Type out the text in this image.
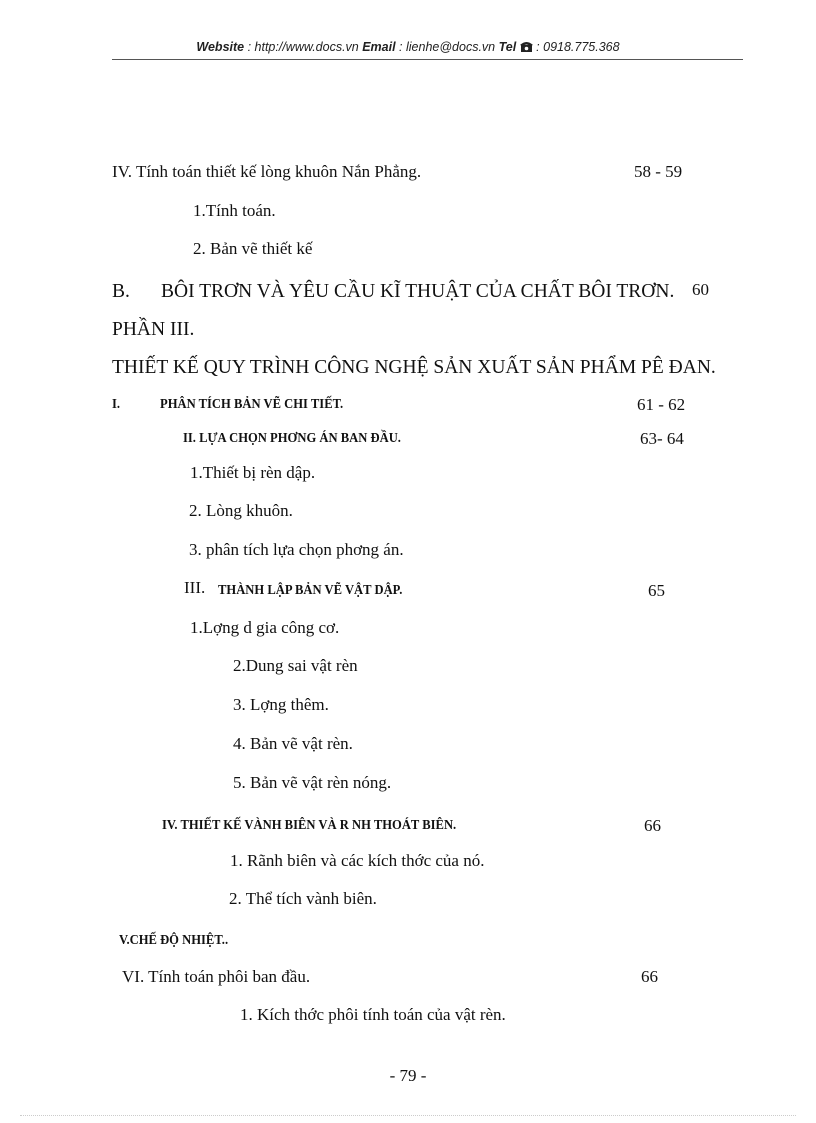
Website : http://www.docs.vn Email : lienhe@docs.vn Tel  : 0918.775.368
IV. Tính toán thiết kế lòng khuôn Nắn Phẳng.	58 - 59
1.Tính toán.
2. Bản vẽ thiết kế
B. BÔI TRƠN VÀ YÊU CẦU KĨ THUẬT CỦA CHẤT BÔI TRƠN. 60
PHẦN III.
THIẾT KẾ QUY TRÌNH CÔNG NGHỆ SẢN XUẤT SẢN PHẨM PÊ ĐAN.
I.	PHÂN TÍCH BẢN VẼ CHI TIẾT.	61 - 62
II. LỰA CHỌN PHƠNG ÁN BAN ĐẦU.	63- 64
1.Thiết bị rèn dập.
2. Lòng khuôn.
3. phân tích lựa chọn phơng án.
III. THÀNH LẬP BẢN VẼ VẬT DẬP.	65
1.Lợng d gia công cơ.
2.Dung sai vật rèn
3. Lợng thêm.
4. Bản vẽ vật rèn.
5. Bản vẽ vật rèn nóng.
IV. THIẾT KẾ VÀNH BIÊN VÀ R NH THOÁT BIÊN.	66
1. Rãnh biên và các kích thớc của nó.
2. Thể tích vành biên.
V.CHẾ ĐỘ NHIỆT..
VI. Tính toán phôi ban đầu.	66
1. Kích thớc phôi tính toán của vật rèn.
- 79 -
